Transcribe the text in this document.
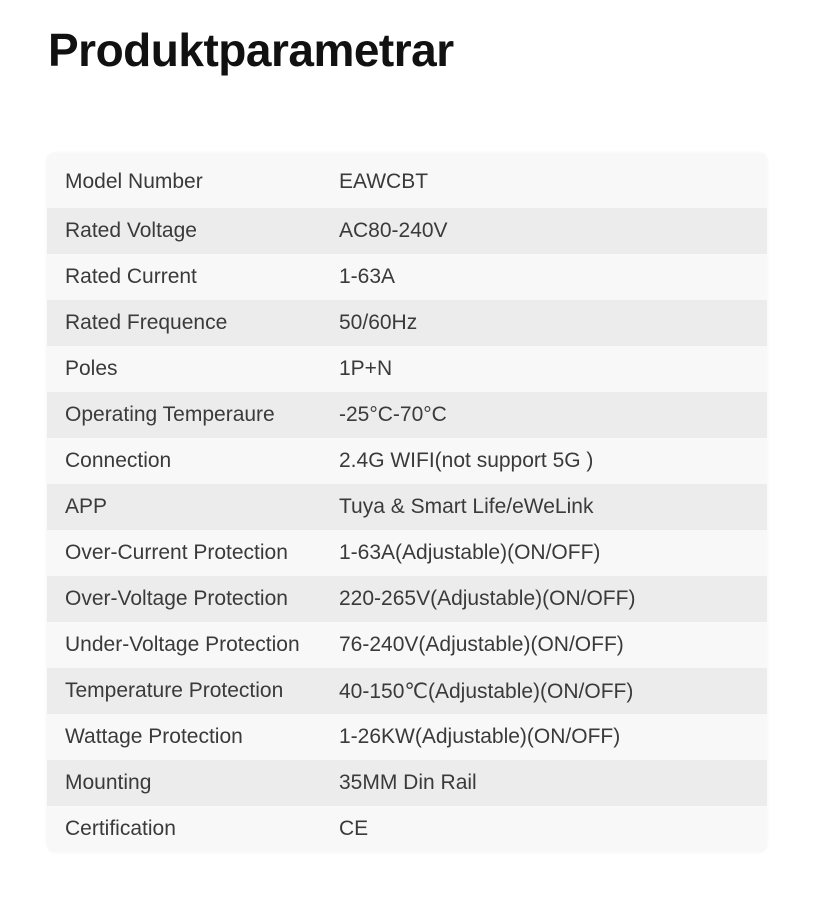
Produktparametrar
Model Number	EAWCBT
Rated Voltage	AC80-240V
Rated Current	1-63A
Rated Frequence	50/60Hz
Poles	1P+N
Operating Temperaure	-25°C-70°C
Connection	2.4G WIFI(not support 5G )
APP	Tuya & Smart Life/eWeLink
Over-Current Protection	1-63A(Adjustable)(ON/OFF)
Over-Voltage Protection	220-265V(Adjustable)(ON/OFF)
Under-Voltage Protection	76-240V(Adjustable)(ON/OFF)
Temperature Protection	40-150℃(Adjustable)(ON/OFF)
Wattage Protection	1-26KW(Adjustable)(ON/OFF)
Mounting	35MM Din Rail
Certification	CE
